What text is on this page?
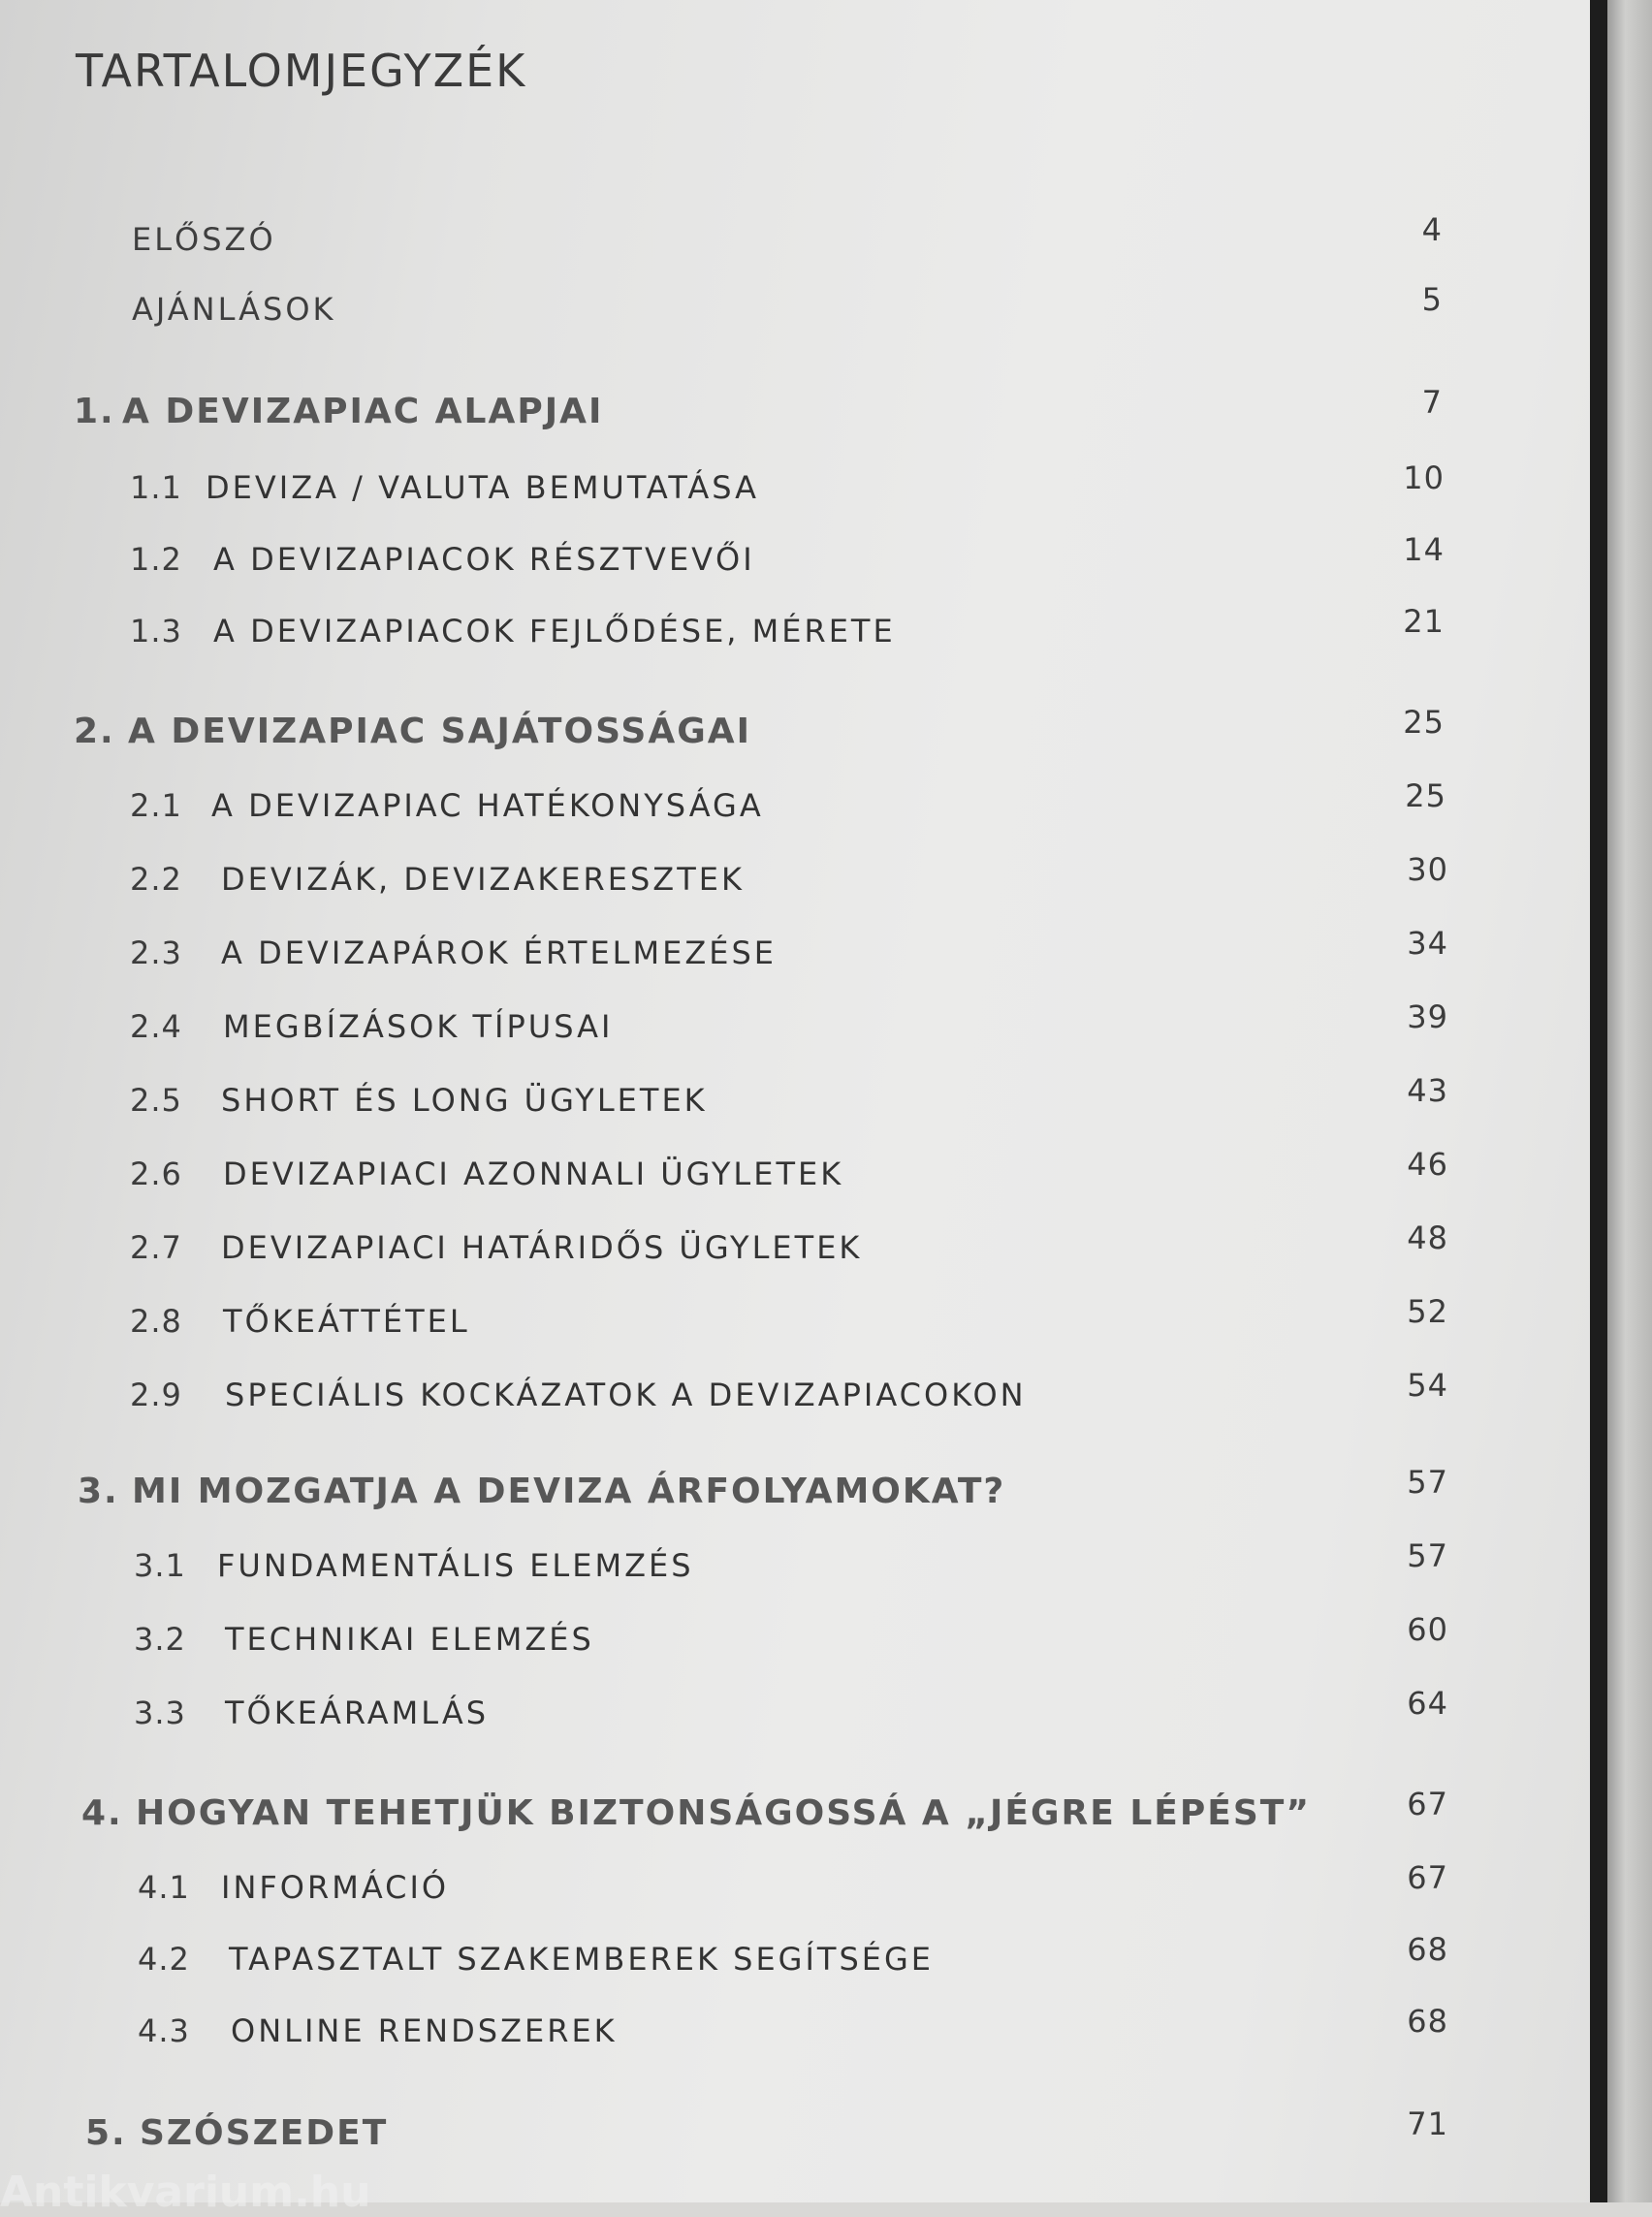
TARTALOMJEGYZÉK
ELŐSZÓ	4
AJÁNLÁSOK	5
1. A DEVIZAPIAC ALAPJAI	7
1.1 DEVIZA / VALUTA BEMUTATÁSA	10
1.2 A DEVIZAPIACOK RÉSZTVEVŐI	14
1.3 A DEVIZAPIACOK FEJLŐDÉSE, MÉRETE	21
2. A DEVIZAPIAC SAJÁTOSSÁGAI	25
2.1 A DEVIZAPIAC HATÉKONYSÁGA	25
2.2 DEVIZÁK, DEVIZAKERESZTEK	30
2.3 A DEVIZAPÁROK ÉRTELMEZÉSE	34
2.4 MEGBÍZÁSOK TÍPUSAI	39
2.5 SHORT ÉS LONG ÜGYLETEK	43
2.6 DEVIZAPIACI AZONNALI ÜGYLETEK	46
2.7 DEVIZAPIACI HATÁRIDŐS ÜGYLETEK	48
2.8 TŐKEÁTTÉTEL	52
2.9 SPECIÁLIS KOCKÁZATOK A DEVIZAPIACOKON	54
3. MI MOZGATJA A DEVIZA ÁRFOLYAMOKAT?	57
3.1 FUNDAMENTÁLIS ELEMZÉS	57
3.2 TECHNIKAI ELEMZÉS	60
3.3 TŐKEÁRAMLÁS	64
4. HOGYAN TEHETJÜK BIZTONSÁGOSSÁ A „JÉGRE LÉPÉST”	67
4.1 INFORMÁCIÓ	67
4.2 TAPASZTALT SZAKEMBEREK SEGÍTSÉGE	68
4.3 ONLINE RENDSZEREK	68
5. SZÓSZEDET	71
Antikvarium.hu
